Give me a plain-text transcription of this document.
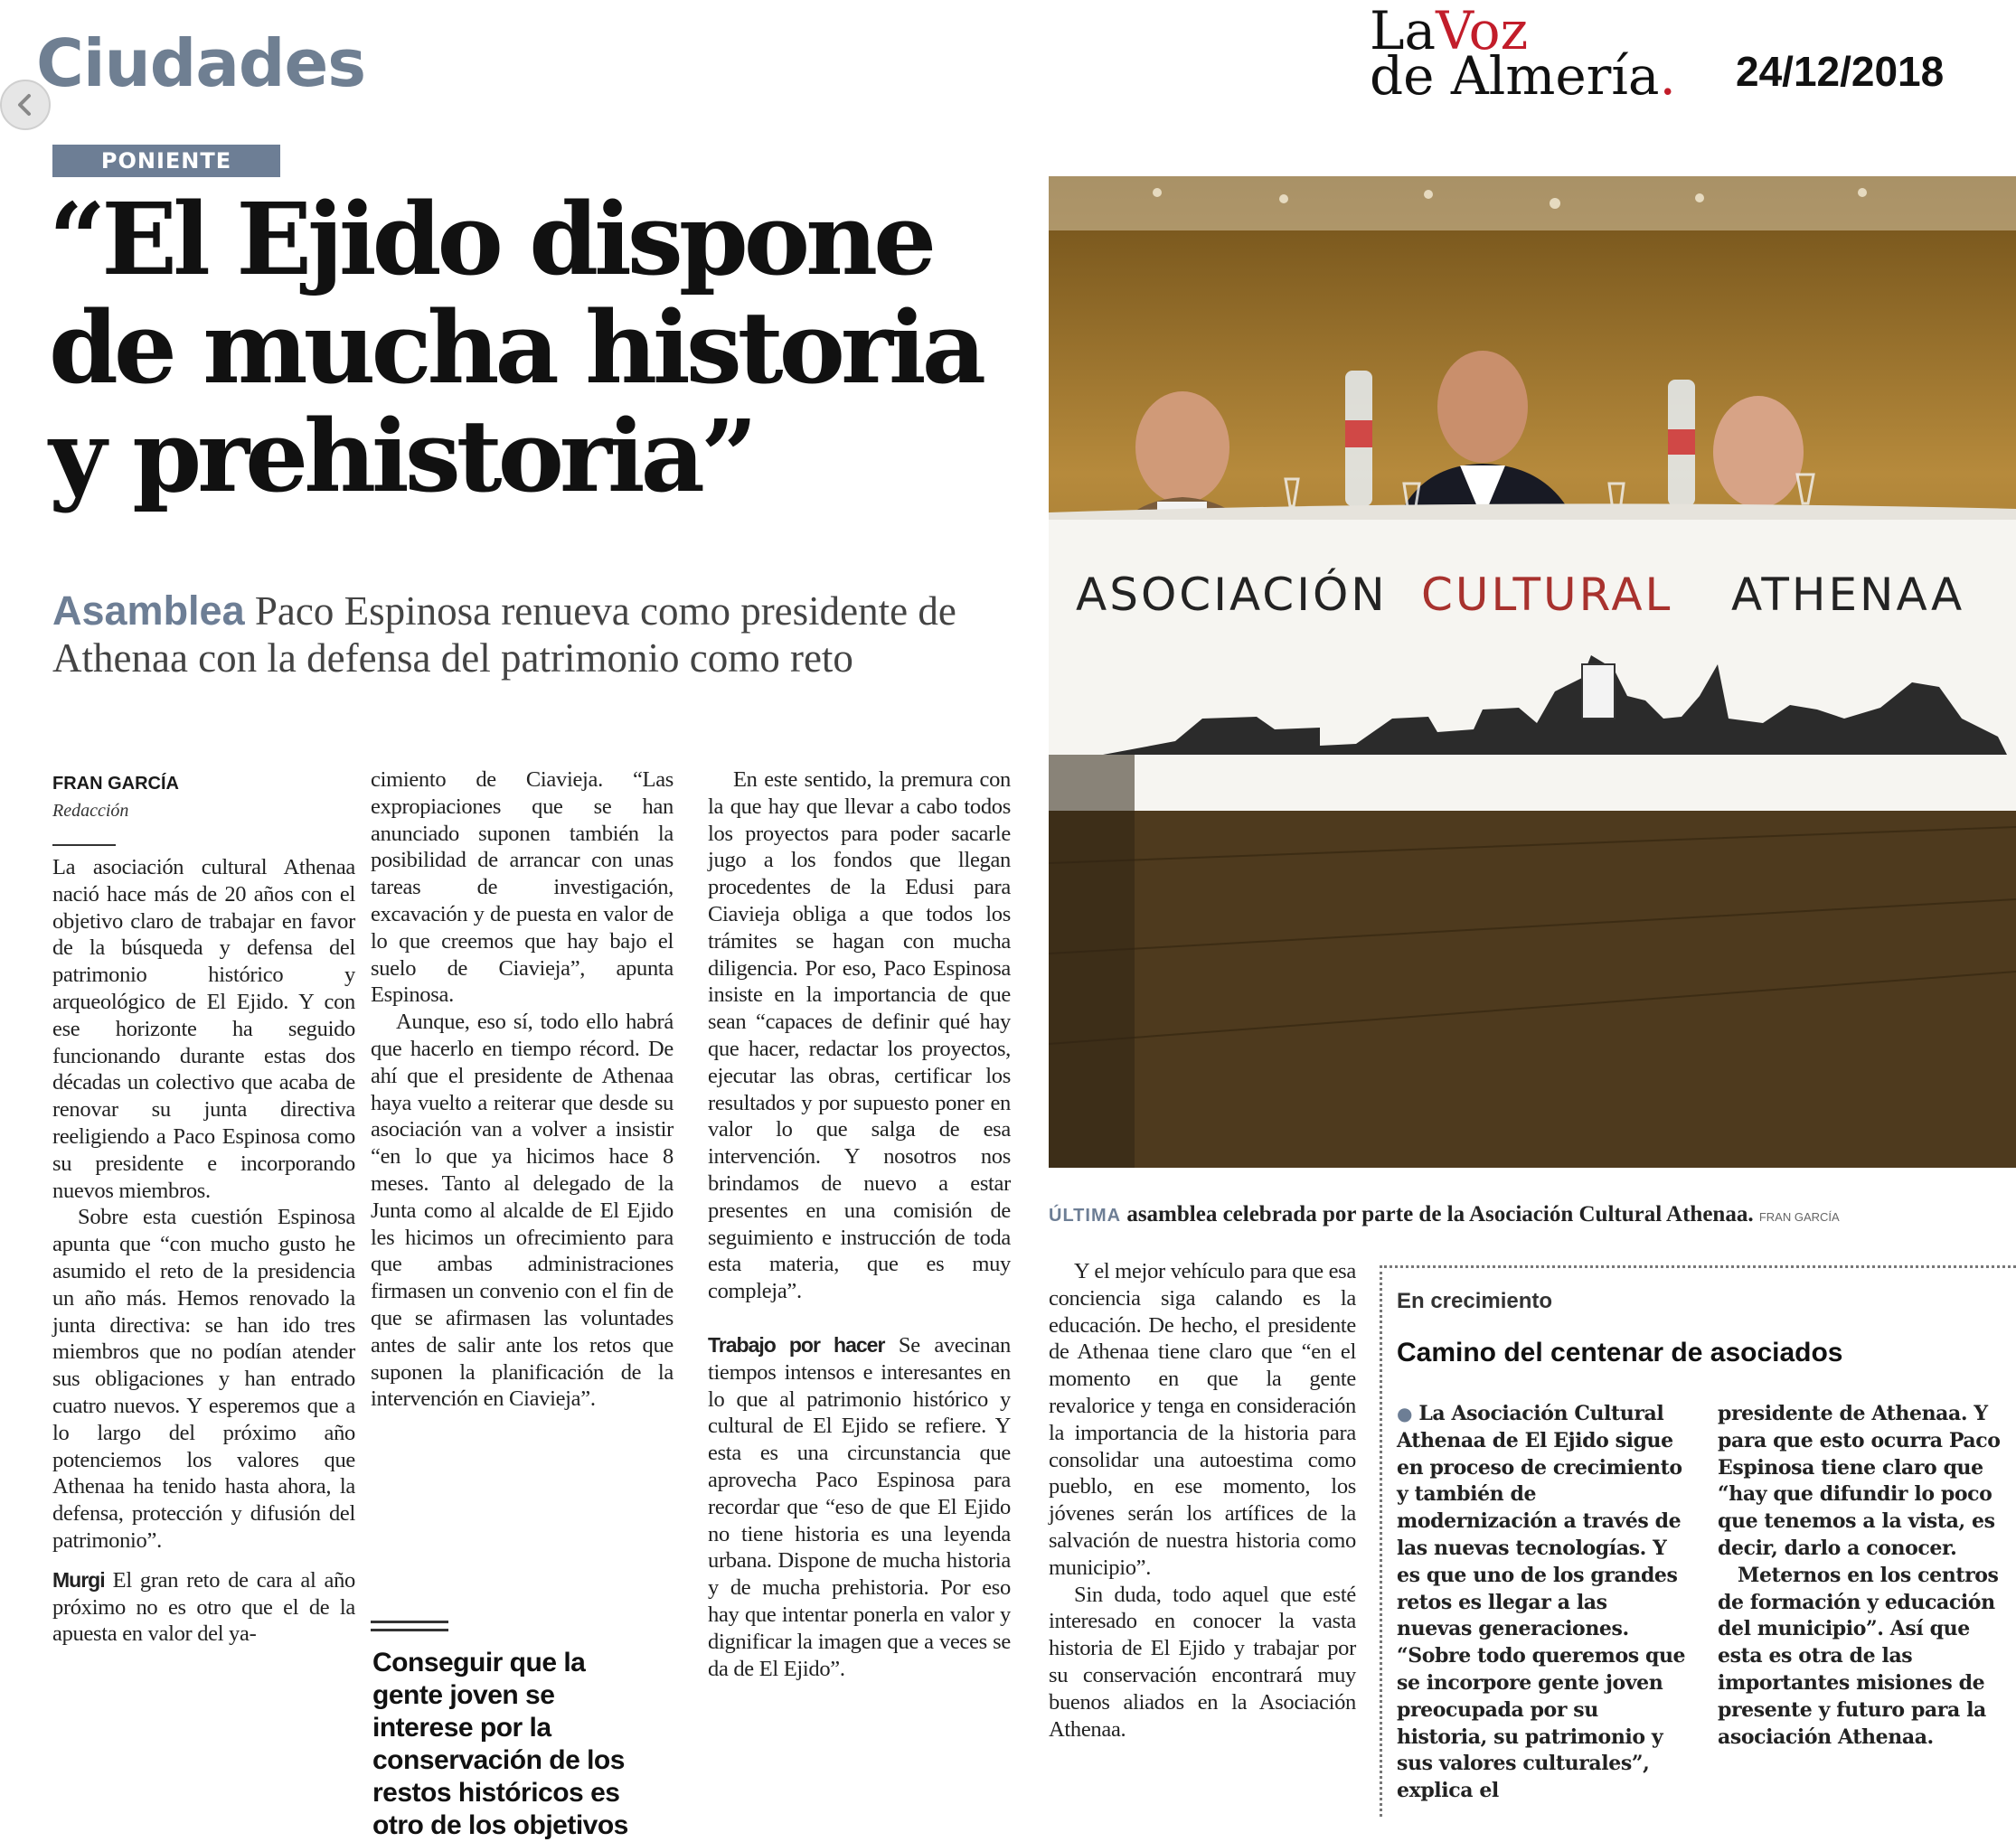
Ciudades	LaVoz
de Almería. 24/12/2018
PONIENTE
“El Ejido dispone de mucha historia y prehistoria”

Asamblea Paco Espinosa renueva como presidente de Athenaa con la defensa del patrimonio como reto

ASOCIACIÓN CULTURAL ATHENAA
ÚLTIMA asamblea celebrada por parte de la Asociación Cultural Athenaa. FRAN GARCÍA
FRAN GARCÍA
Redacción

La asociación cultural Athenaa nació hace más de 20 años con el objetivo claro de trabajar en favor de la búsqueda y defensa del patrimonio histórico y arqueológico de El Ejido. Y con ese horizonte ha seguido funcionando durante estas dos décadas un colectivo que acaba de renovar su junta directiva reeligiendo a Paco Espinosa como su presidente e incorporando nuevos miembros.

Sobre esta cuestión Espinosa apunta que “con mucho gusto he asumido el reto de la presidencia un año más. Hemos renovado la junta directiva: se han ido tres miembros que no podían atender sus obligaciones y han entrado cuatro nuevos. Y esperemos que a lo largo del próximo año potenciemos los valores que Athenaa ha tenido hasta ahora, la defensa, protección y difusión del patrimonio”.

Murgi El gran reto de cara al año próximo no es otro que el de la apuesta en valor del ya-

cimiento de Ciavieja. “Las expropiaciones que se han anunciado suponen también la posibilidad de arrancar con unas tareas de investigación, excavación y de puesta en valor de lo que creemos que hay bajo el suelo de Ciavieja”, apunta Espinosa.

Aunque, eso sí, todo ello habrá que hacerlo en tiempo récord. De ahí que el presidente de Athenaa haya vuelto a reiterar que desde su asociación van a volver a insistir “en lo que ya hicimos hace 8 meses. Tanto al delegado de la Junta como al alcalde de El Ejido les hicimos un ofrecimiento para que ambas administraciones firmasen un convenio con el fin de que se afirmasen las voluntades antes de salir ante los retos que suponen la planificación de la intervención en Ciavieja”.

Conseguir que la gente joven se interese por la conservación de los restos históricos es otro de los objetivos

En este sentido, la premura con la que hay que llevar a cabo todos los proyectos para poder sacarle jugo a los fondos que llegan procedentes de la Edusi para Ciavieja obliga a que todos los trámites se hagan con mucha diligencia. Por eso, Paco Espinosa insiste en la importancia de que sean “capaces de definir qué hay que hacer, redactar los proyectos, ejecutar las obras, certificar los resultados y por supuesto poner en valor lo que salga de esa intervención. Y nosotros nos brindamos de nuevo a estar presentes en una comisión de seguimiento e instrucción de toda esta materia, que es muy compleja”.

Trabajo por hacer Se avecinan tiempos intensos e interesantes en lo que al patrimonio histórico y cultural de El Ejido se refiere. Y esta es una circunstancia que aprovecha Paco Espinosa para recordar que “eso de que El Ejido no tiene historia es una leyenda urbana. Dispone de mucha historia y de mucha prehistoria. Por eso hay que intentar ponerla en valor y dignificar la imagen que a veces se da de El Ejido”.

Y el mejor vehículo para que esa conciencia siga calando es la educación. De hecho, el presidente de Athenaa tiene claro que “en el momento en que la gente revalorice y tenga en consideración la importancia de la historia para consolidar una autoestima como pueblo, en ese momento, los jóvenes serán los artífices de la salvación de nuestra historia como municipio”.

Sin duda, todo aquel que esté interesado en conocer la vasta historia de El Ejido y trabajar por su conservación encontrará muy buenos aliados en la Asociación Athenaa.

En crecimiento
Camino del centenar de asociados

● La Asociación Cultural Athenaa de El Ejido sigue en proceso de crecimiento y también de modernización a través de las nuevas tecnologías. Y es que uno de los grandes retos es llegar a las nuevas generaciones. “Sobre todo queremos que se incorpore gente joven preocupada por su historia, su patrimonio y sus valores culturales”, explica el

presidente de Athenaa. Y para que esto ocurra Paco Espinosa tiene claro que “hay que difundir lo poco que tenemos a la vista, es decir, darlo a conocer.

Meternos en los centros de formación y educación del municipio”. Así que esta es otra de las importantes misiones de presente y futuro para la asociación Athenaa.
